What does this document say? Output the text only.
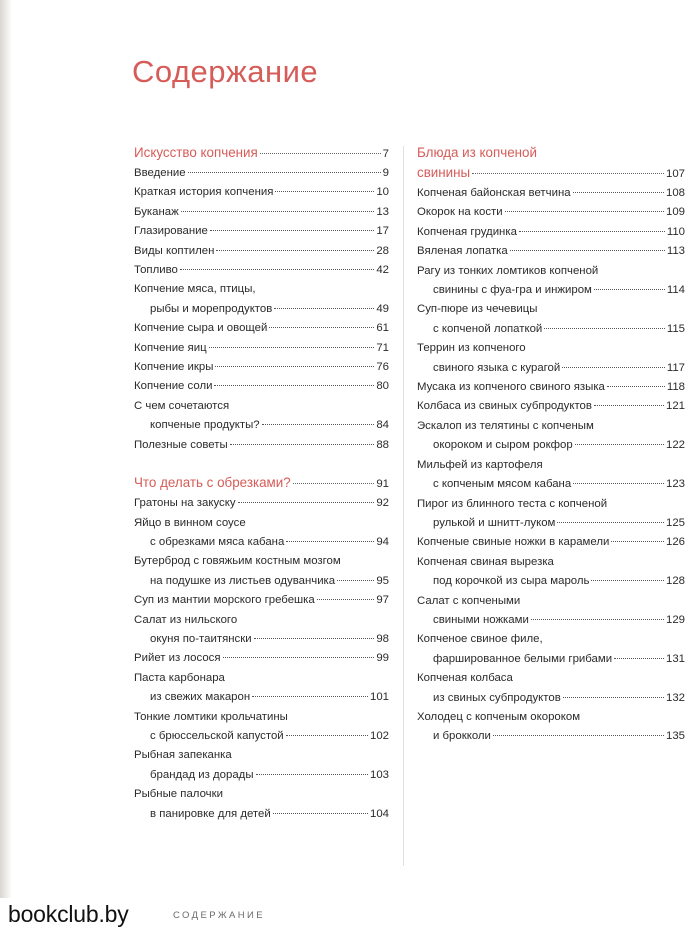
Содержание
Искусство копчения	7
Введение	9
Краткая история копчения	10
Буканаж	13
Глазирование	17
Виды коптилен	28
Топливо	42
Копчение мяса, птицы,
рыбы и морепродуктов	49
Копчение сыра и овощей	61
Копчение яиц	71
Копчение икры	76
Копчение соли	80
С чем сочетаются
копченые продукты?	84
Полезные советы	88
Что делать с обрезками?	91
Гратоны на закуску	92
Яйцо в винном соусе
с обрезками мяса кабана	94
Бутерброд с говяжьим костным мозгом
на подушке из листьев одуванчика	95
Суп из мантии морского гребешка	97
Салат из нильского
окуня по-таитянски	98
Рийет из лосося	99
Паста карбонара
из свежих макарон	101
Тонкие ломтики крольчатины
с брюссельской капустой	102
Рыбная запеканка
брандад из дорады	103
Рыбные палочки
в панировке для детей	104
Блюда из копченой
свинины	107
Копченая байонская ветчина	108
Окорок на кости	109
Копченая грудинка	110
Вяленая лопатка	113
Рагу из тонких ломтиков копченой
свинины с фуа-гра и инжиром	114
Суп-пюре из чечевицы
с копченой лопаткой	115
Террин из копченого
свиного языка с курагой	117
Мусака из копченого свиного языка	118
Колбаса из свиных субпродуктов	121
Эскалоп из телятины с копченым
окороком и сыром рокфор	122
Мильфей из картофеля
с копченым мясом кабана	123
Пирог из блинного теста с копченой
рулькой и шнитт-луком	125
Копченые свиные ножки в карамели	126
Копченая свиная вырезка
под корочкой из сыра мароль	128
Салат с копчеными
свиными ножками	129
Копченое свиное филе,
фаршированное белыми грибами	131
Копченая колбаса
из свиных субпродуктов	132
Холодец с копченым окороком
и брокколи	135
bookclub.by	СОДЕРЖАНИЕ
